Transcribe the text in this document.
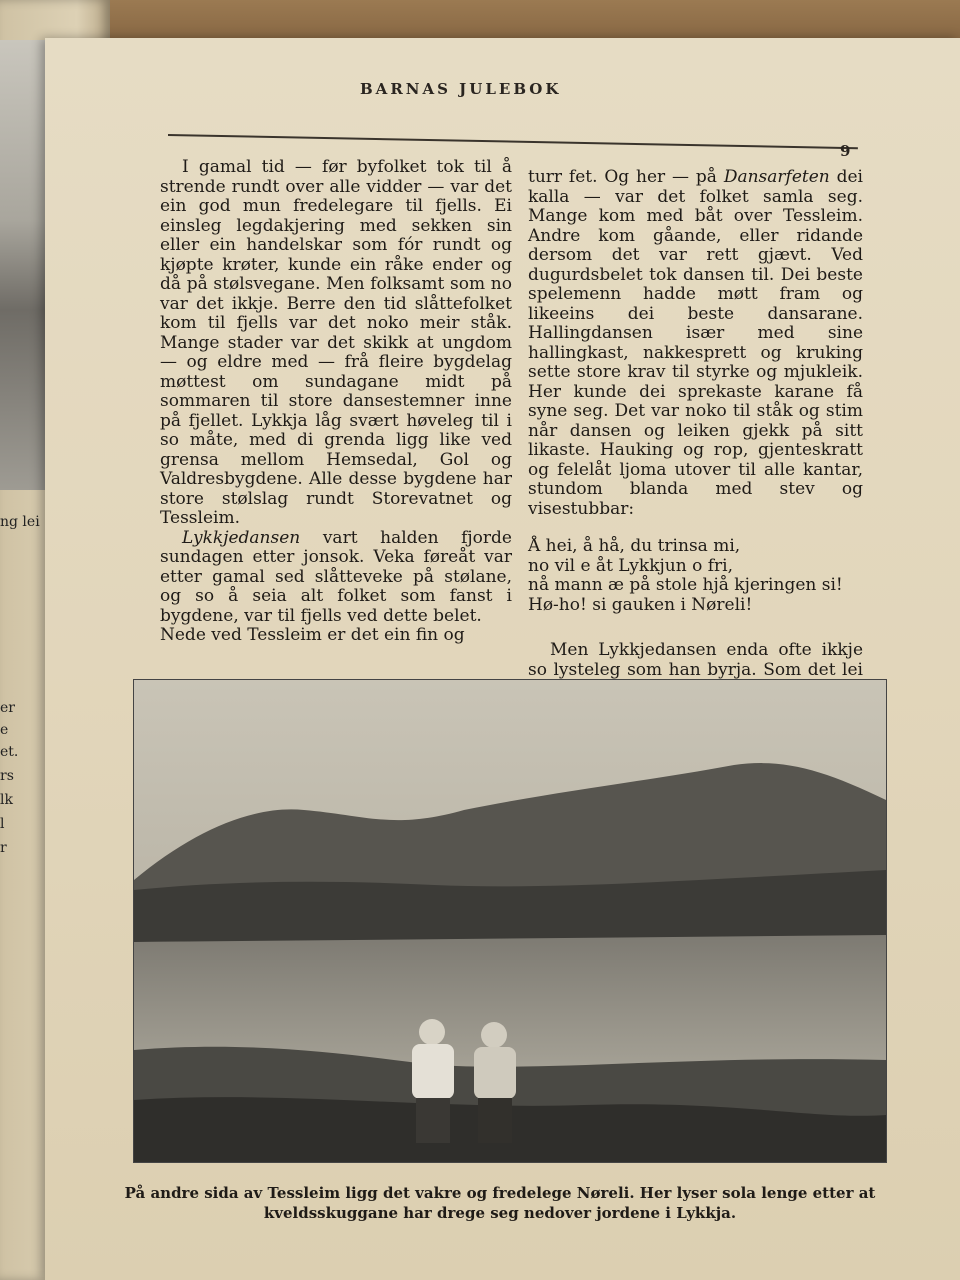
ng lei
er
e
et.
rs
lk
l
r
BARNAS JULEBOK
9

I gamal tid — før byfolket tok til å strende rundt over alle vidder — var det ein god mun fredelegare til fjells. Ei einsleg legdakjering med sekken sin eller ein handelskar som fór rundt og kjøpte krøter, kunde ein råke ender og då på stølsvegane. Men folksamt som no var det ikkje. Berre den tid slåttefolket kom til fjells var det noko meir ståk. Mange stader var det skikk at ungdom — og eldre med — frå fleire bygdelag møttest om sundagane midt på sommaren til store dansestemner inne på fjellet. Lykkja låg svært høveleg til i so måte, med di grenda ligg like ved grensa mellom Hemsedal, Gol og Valdresbygdene. Alle desse bygdene har store stølslag rundt Storevatnet og Tessleim.

Lykkjedansen vart halden fjorde sundagen etter jonsok. Veka føreåt var etter gamal sed slåtteveke på stølane, og so å seia alt folket som fanst i bygdene, var til fjells ved dette belet.

Nede ved Tessleim er det ein fin og

turr fet. Og her — på Dansarfeten dei kalla — var det folket samla seg. Mange kom med båt over Tessleim. Andre kom gåande, eller ridande dersom det var rett gjævt. Ved dugurdsbelet tok dansen til. Dei beste spelemenn hadde møtt fram og likeeins dei beste dansarane. Hallingdansen især med sine hallingkast, nakkesprett og kruking sette store krav til styrke og mjukleik. Her kunde dei sprekaste karane få syne seg. Det var noko til ståk og stim når dansen og leiken gjekk på sitt likaste. Hauking og rop, gjenteskratt og felelåt ljoma utover til alle kantar, stundom blanda med stev og visestubbar:

Å hei, å hå, du trinsa mi,
no vil e åt Lykkjun o fri,
nå mann æ på stole hjå kjeringen si!
Hø-ho! si gauken i Nøreli!

Men Lykkjedansen enda ofte ikkje so lysteleg som han byrja. Som det lei

På andre sida av Tessleim ligg det vakre og fredelege Nøreli. Her lyser sola lenge etter at kveldsskuggane har drege seg nedover jordene i Lykkja.
